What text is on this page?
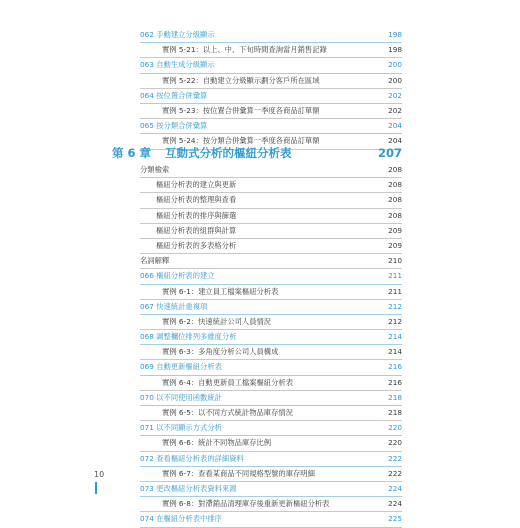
062 手動建立分級顯示	198
實例 5-21：以上、中、下旬時間查詢當月銷售記錄	198
063 自動生成分級顯示	200
實例 5-22：自動建立分級顯示劃分客戶所在區域	200
064 按位置合併彙算	202
實例 5-23：按位置合併彙算一季度各商品訂單額	202
065 按分類合併彙算	204
實例 5-24：按分類合併彙算一季度各商品訂單額	204
第 6 章 互動式分析的樞紐分析表	207
分類檢索	208
樞紐分析表的建立與更新	208
樞紐分析表的整理與查看	208
樞紐分析表的排序與篩選	208
樞紐分析表的組群與計算	209
樞紐分析表的多表格分析	209
名詞解釋	210
066 樞紐分析表的建立	211
實例 6-1：建立員工檔案樞紐分析表	211
067 快速統計重複項	212
實例 6-2：快速統計公司人員情況	212
068 調整欄位排列多維度分析	214
實例 6-3：多角度分析公司人員構成	214
069 自動更新樞紐分析表	216
實例 6-4：自動更新員工檔案樞紐分析表	216
070 以不同使用函數統計	218
實例 6-5：以不同方式統計物品庫存情況	218
071 以不同顯示方式分析	220
實例 6-6：統計不同物品庫存比例	220
072 查看樞紐分析表的詳細資料	222
實例 6-7：查看某商品不同規格型號的庫存明細	222
073 更改樞紐分析表資料來源	224
實例 6-8：對滯銷品清理庫存後重新更新樞紐分析表	224
074 在樞紐分析表中排序	225
10
